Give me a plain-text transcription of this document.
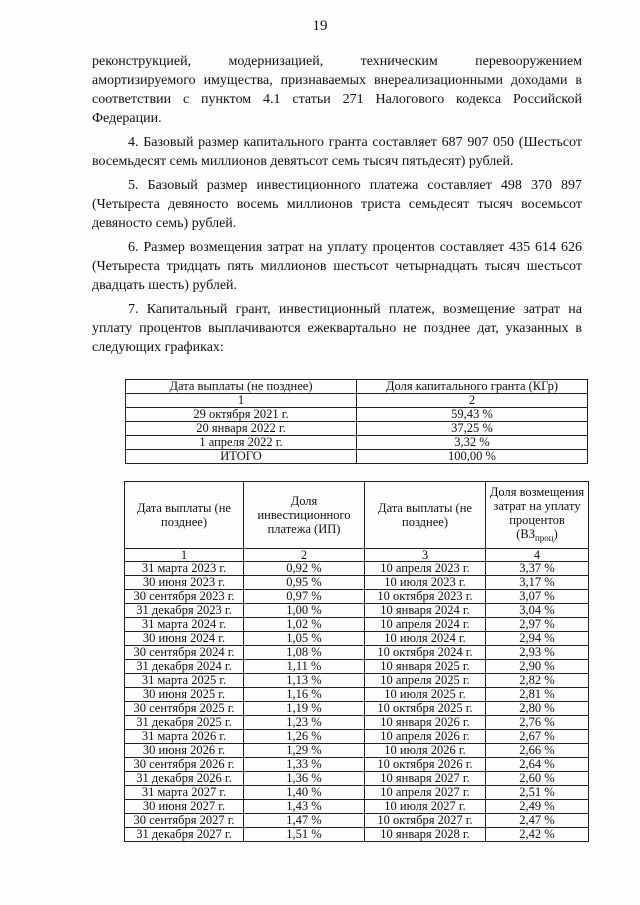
19

реконструкцией, модернизацией, техническим перевооружением амортизируемого имущества, признаваемых внереализационными доходами в соответствии с пунктом 4.1 статьи 271 Налогового кодекса Российской Федерации.

4. Базовый размер капитального гранта составляет 687 907 050 (Шестьсот восемьдесят семь миллионов девятьсот семь тысяч пятьдесят) рублей.

5. Базовый размер инвестиционного платежа составляет 498 370 897 (Четыреста девяносто восемь миллионов триста семьдесят тысяч восемьсот девяносто семь) рублей.

6. Размер возмещения затрат на уплату процентов составляет 435 614 626 (Четыреста тридцать пять миллионов шестьсот четырнадцать тысяч шестьсот двадцать шесть) рублей.

7. Капитальный грант, инвестиционный платеж, возмещение затрат на уплату процентов выплачиваются ежеквартально не позднее дат, указанных в следующих графиках:

Дата выплаты (не позднее)	Доля капитального гранта (КГр)
1	2
29 октября 2021 г.	59,43 %
20 января 2022 г.	37,25 %
1 апреля 2022 г.	3,32 %
ИТОГО	100,00 %
Дата выплаты (не позднее)	Доля инвестиционного платежа (ИП)	Дата выплаты (не позднее)	Доля возмещения затрат на уплату процентов
$(ВЗ_{проц})$
1	2	3	4
31 марта 2023 г.	0,92 %	10 апреля 2023 г.	3,37 %
30 июня 2023 г.	0,95 %	10 июля 2023 г.	3,17 %
30 сентября 2023 г.	0,97 %	10 октября 2023 г.	3,07 %
31 декабря 2023 г.	1,00 %	10 января 2024 г.	3,04 %
31 марта 2024 г.	1,02 %	10 апреля 2024 г.	2,97 %
30 июня 2024 г.	1,05 %	10 июля 2024 г.	2,94 %
30 сентября 2024 г.	1,08 %	10 октября 2024 г.	2,93 %
31 декабря 2024 г.	1,11 %	10 января 2025 г.	2,90 %
31 марта 2025 г.	1,13 %	10 апреля 2025 г.	2,82 %
30 июня 2025 г.	1,16 %	10 июля 2025 г.	2,81 %
30 сентября 2025 г.	1,19 %	10 октября 2025 г.	2,80 %
31 декабря 2025 г.	1,23 %	10 января 2026 г.	2,76 %
31 марта 2026 г.	1,26 %	10 апреля 2026 г.	2,67 %
30 июня 2026 г.	1,29 %	10 июля 2026 г.	2,66 %
30 сентября 2026 г.	1,33 %	10 октября 2026 г.	2,64 %
31 декабря 2026 г.	1,36 %	10 января 2027 г.	2,60 %
31 марта 2027 г.	1,40 %	10 апреля 2027 г.	2,51 %
30 июня 2027 г.	1,43 %	10 июля 2027 г.	2,49 %
30 сентября 2027 г.	1,47 %	10 октября 2027 г.	2,47 %
31 декабря 2027 г.	1,51 %	10 января 2028 г.	2,42 %
